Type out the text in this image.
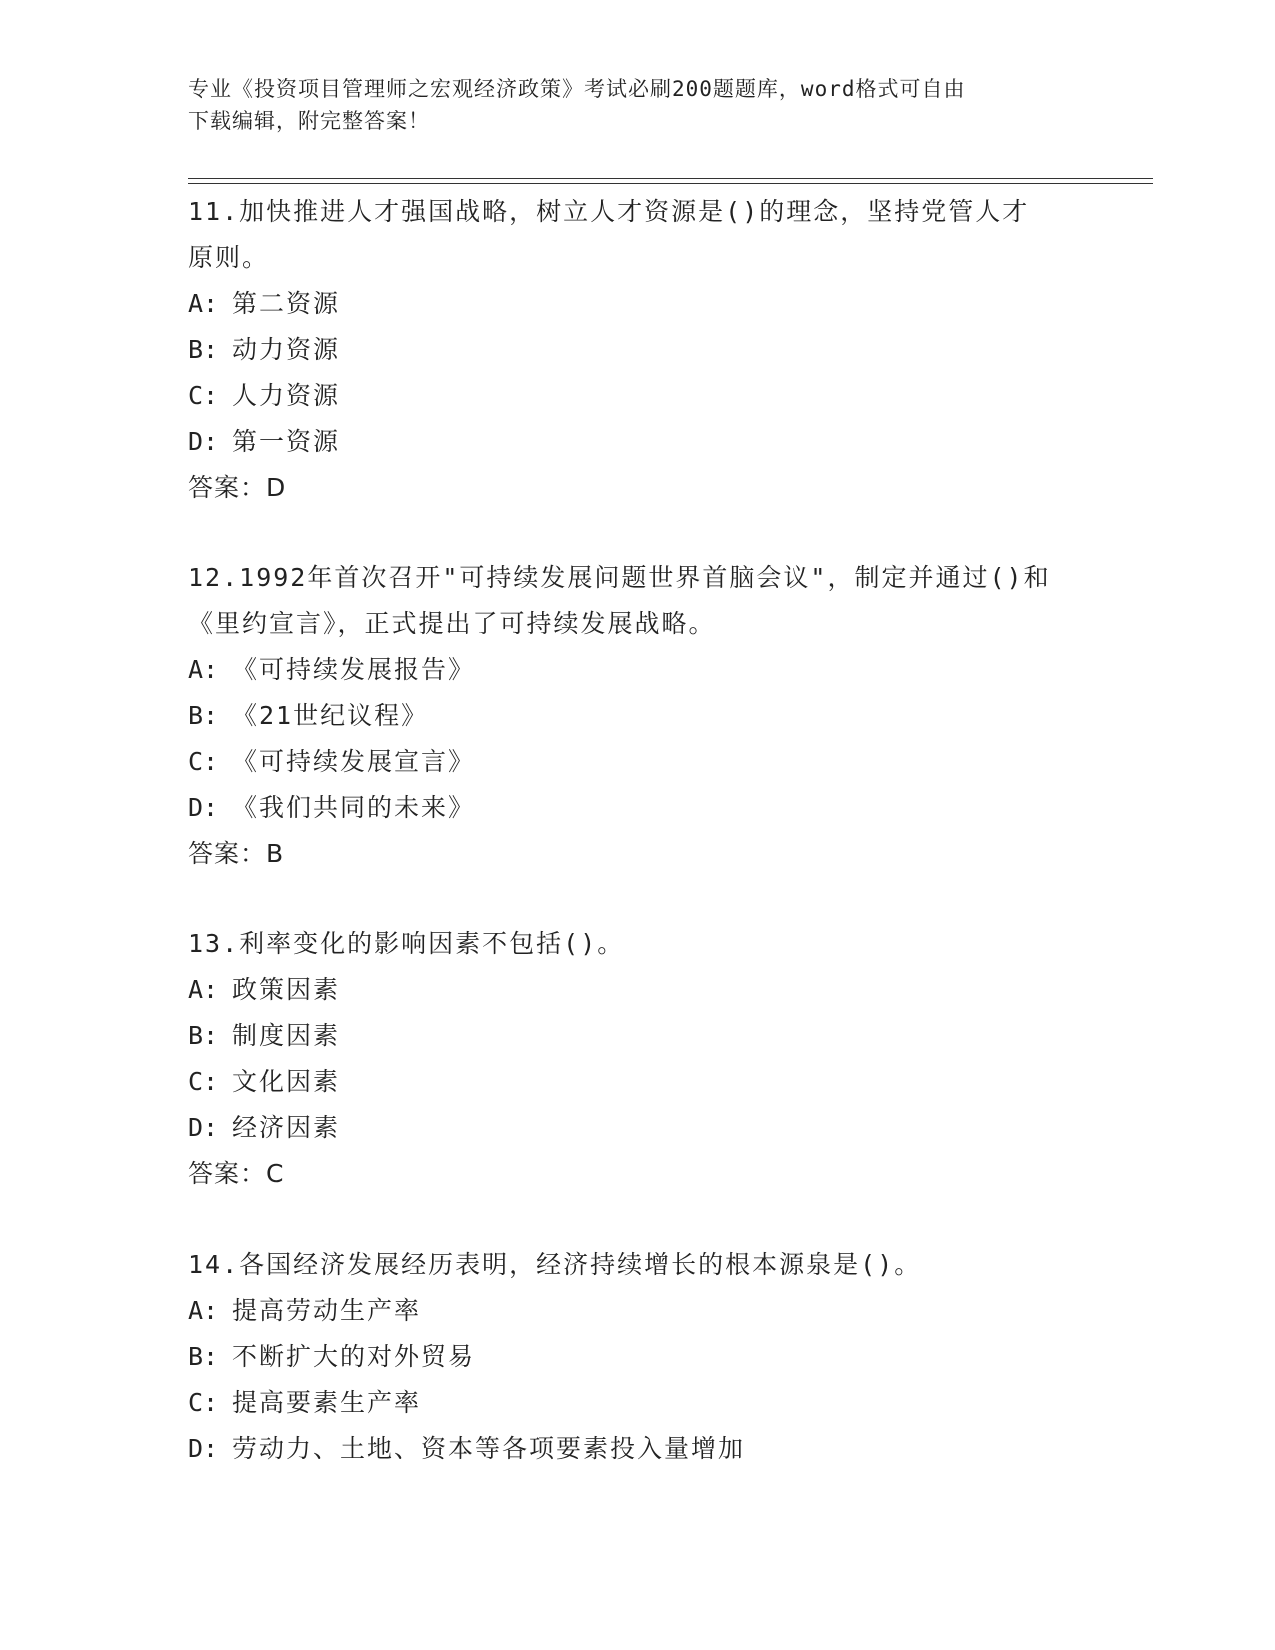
专业《投资项目管理师之宏观经济政策》考试必刷200题题库，word格式可自由
下载编辑，附完整答案！

11.加快推进人才强国战略，树立人才资源是()的理念，坚持党管人才

原则。

A: 第二资源

B: 动力资源

C: 人力资源

D: 第一资源

答案：D

12.1992年首次召开"可持续发展问题世界首脑会议"，制定并通过()和

《里约宣言》，正式提出了可持续发展战略。

A: 《可持续发展报告》

B: 《21世纪议程》

C: 《可持续发展宣言》

D: 《我们共同的未来》

答案：B

13.利率变化的影响因素不包括()。

A: 政策因素

B: 制度因素

C: 文化因素

D: 经济因素

答案：C

14.各国经济发展经历表明，经济持续增长的根本源泉是()。

A: 提高劳动生产率

B: 不断扩大的对外贸易

C: 提高要素生产率

D: 劳动力、土地、资本等各项要素投入量增加
